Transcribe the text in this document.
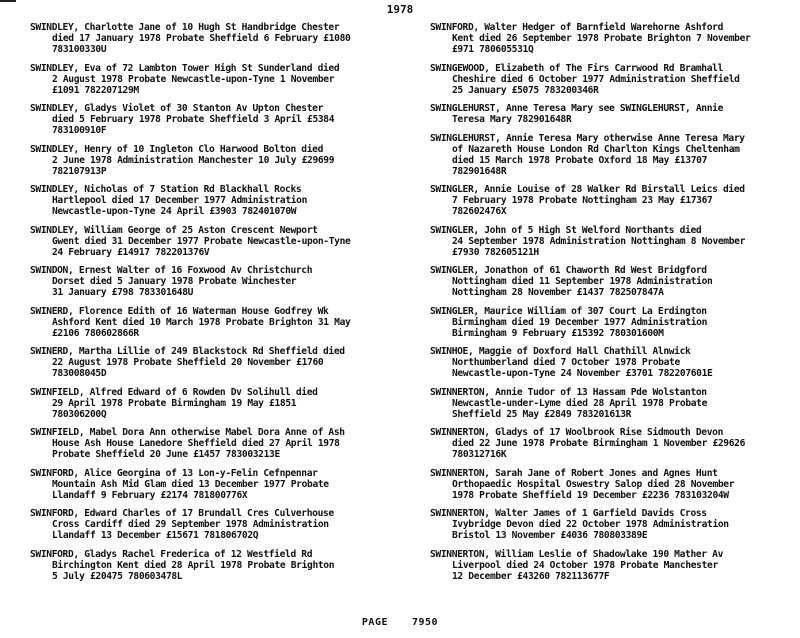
1978
SWINDLEY, Charlotte Jane of 10 Hugh St Handbridge Chester
died 17 January 1978 Probate Sheffield 6 February £1080
783100330U
SWINDLEY, Eva of 72 Lambton Tower High St Sunderland died
2 August 1978 Probate Newcastle-upon-Tyne 1 November
£1091 782207129M
SWINDLEY, Gladys Violet of 30 Stanton Av Upton Chester
died 5 February 1978 Probate Sheffield 3 April £5384
783100910F
SWINDLEY, Henry of 10 Ingleton Clo Harwood Bolton died
2 June 1978 Administration Manchester 10 July £29699
782107913P
SWINDLEY, Nicholas of 7 Station Rd Blackhall Rocks
Hartlepool died 17 December 1977 Administration
Newcastle-upon-Tyne 24 April £3903 782401070W
SWINDLEY, William George of 25 Aston Crescent Newport
Gwent died 31 December 1977 Probate Newcastle-upon-Tyne
24 February £14917 782201376V
SWINDON, Ernest Walter of 16 Foxwood Av Christchurch
Dorset died 5 January 1978 Probate Winchester
31 January £798 783301648U
SWINERD, Florence Edith of 16 Waterman House Godfrey Wk
Ashford Kent died 10 March 1978 Probate Brighton 31 May
£2106 780602866R
SWINERD, Martha Lillie of 249 Blackstock Rd Sheffield died
22 August 1978 Probate Sheffield 20 November £1760
783008045D
SWINFIELD, Alfred Edward of 6 Rowden Dv Solihull died
29 April 1978 Probate Birmingham 19 May £1851
780306200Q
SWINFIELD, Mabel Dora Ann otherwise Mabel Dora Anne of Ash
House Ash House Lanedore Sheffield died 27 April 1978
Probate Sheffield 20 June £1457 783003213E
SWINFORD, Alice Georgina of 13 Lon-y-Felin Cefnpennar
Mountain Ash Mid Glam died 13 December 1977 Probate
Llandaff 9 February £2174 781800776X
SWINFORD, Edward Charles of 17 Brundall Cres Culverhouse
Cross Cardiff died 29 September 1978 Administration
Llandaff 13 December £15671 781806702Q
SWINFORD, Gladys Rachel Frederica of 12 Westfield Rd
Birchington Kent died 28 April 1978 Probate Brighton
5 July £20475 780603478L
SWINFORD, Walter Hedger of Barnfield Warehorne Ashford
Kent died 26 September 1978 Probate Brighton 7 November
£971 780605531Q
SWINGEWOOD, Elizabeth of The Firs Carrwood Rd Bramhall
Cheshire died 6 October 1977 Administration Sheffield
25 January £5075 783200346R
SWINGLEHURST, Anne Teresa Mary see SWINGLEHURST, Annie
Teresa Mary 782901648R
SWINGLEHURST, Annie Teresa Mary otherwise Anne Teresa Mary
of Nazareth House London Rd Charlton Kings Cheltenham
died 15 March 1978 Probate Oxford 18 May £13707
782901648R
SWINGLER, Annie Louise of 28 Walker Rd Birstall Leics died
7 February 1978 Probate Nottingham 23 May £17367
782602476X
SWINGLER, John of 5 High St Welford Northants died
24 September 1978 Administration Nottingham 8 November
£7930 782605121H
SWINGLER, Jonathon of 61 Chaworth Rd West Bridgford
Nottingham died 11 September 1978 Administration
Nottingham 28 November £1437 782507847A
SWINGLER, Maurice William of 307 Court La Erdington
Birmingham died 19 December 1977 Administration
Birmingham 9 February £15392 780301600M
SWINHOE, Maggie of Doxford Hall Chathill Alnwick
Northumberland died 7 October 1978 Probate
Newcastle-upon-Tyne 24 November £3701 782207601E
SWINNERTON, Annie Tudor of 13 Hassam Pde Wolstanton
Newcastle-under-Lyme died 28 April 1978 Probate
Sheffield 25 May £2849 783201613R
SWINNERTON, Gladys of 17 Woolbrook Rise Sidmouth Devon
died 22 June 1978 Probate Birmingham 1 November £29626
780312716K
SWINNERTON, Sarah Jane of Robert Jones and Agnes Hunt
Orthopaedic Hospital Oswestry Salop died 28 November
1978 Probate Sheffield 19 December £2236 783103204W
SWINNERTON, Walter James of 1 Garfield Davids Cross
Ivybridge Devon died 22 October 1978 Administration
Bristol 13 November £4036 780803389E
SWINNERTON, William Leslie of Shadowlake 190 Mather Av
Liverpool died 24 October 1978 Probate Manchester
12 December £43260 782113677F
PAGE 7950
